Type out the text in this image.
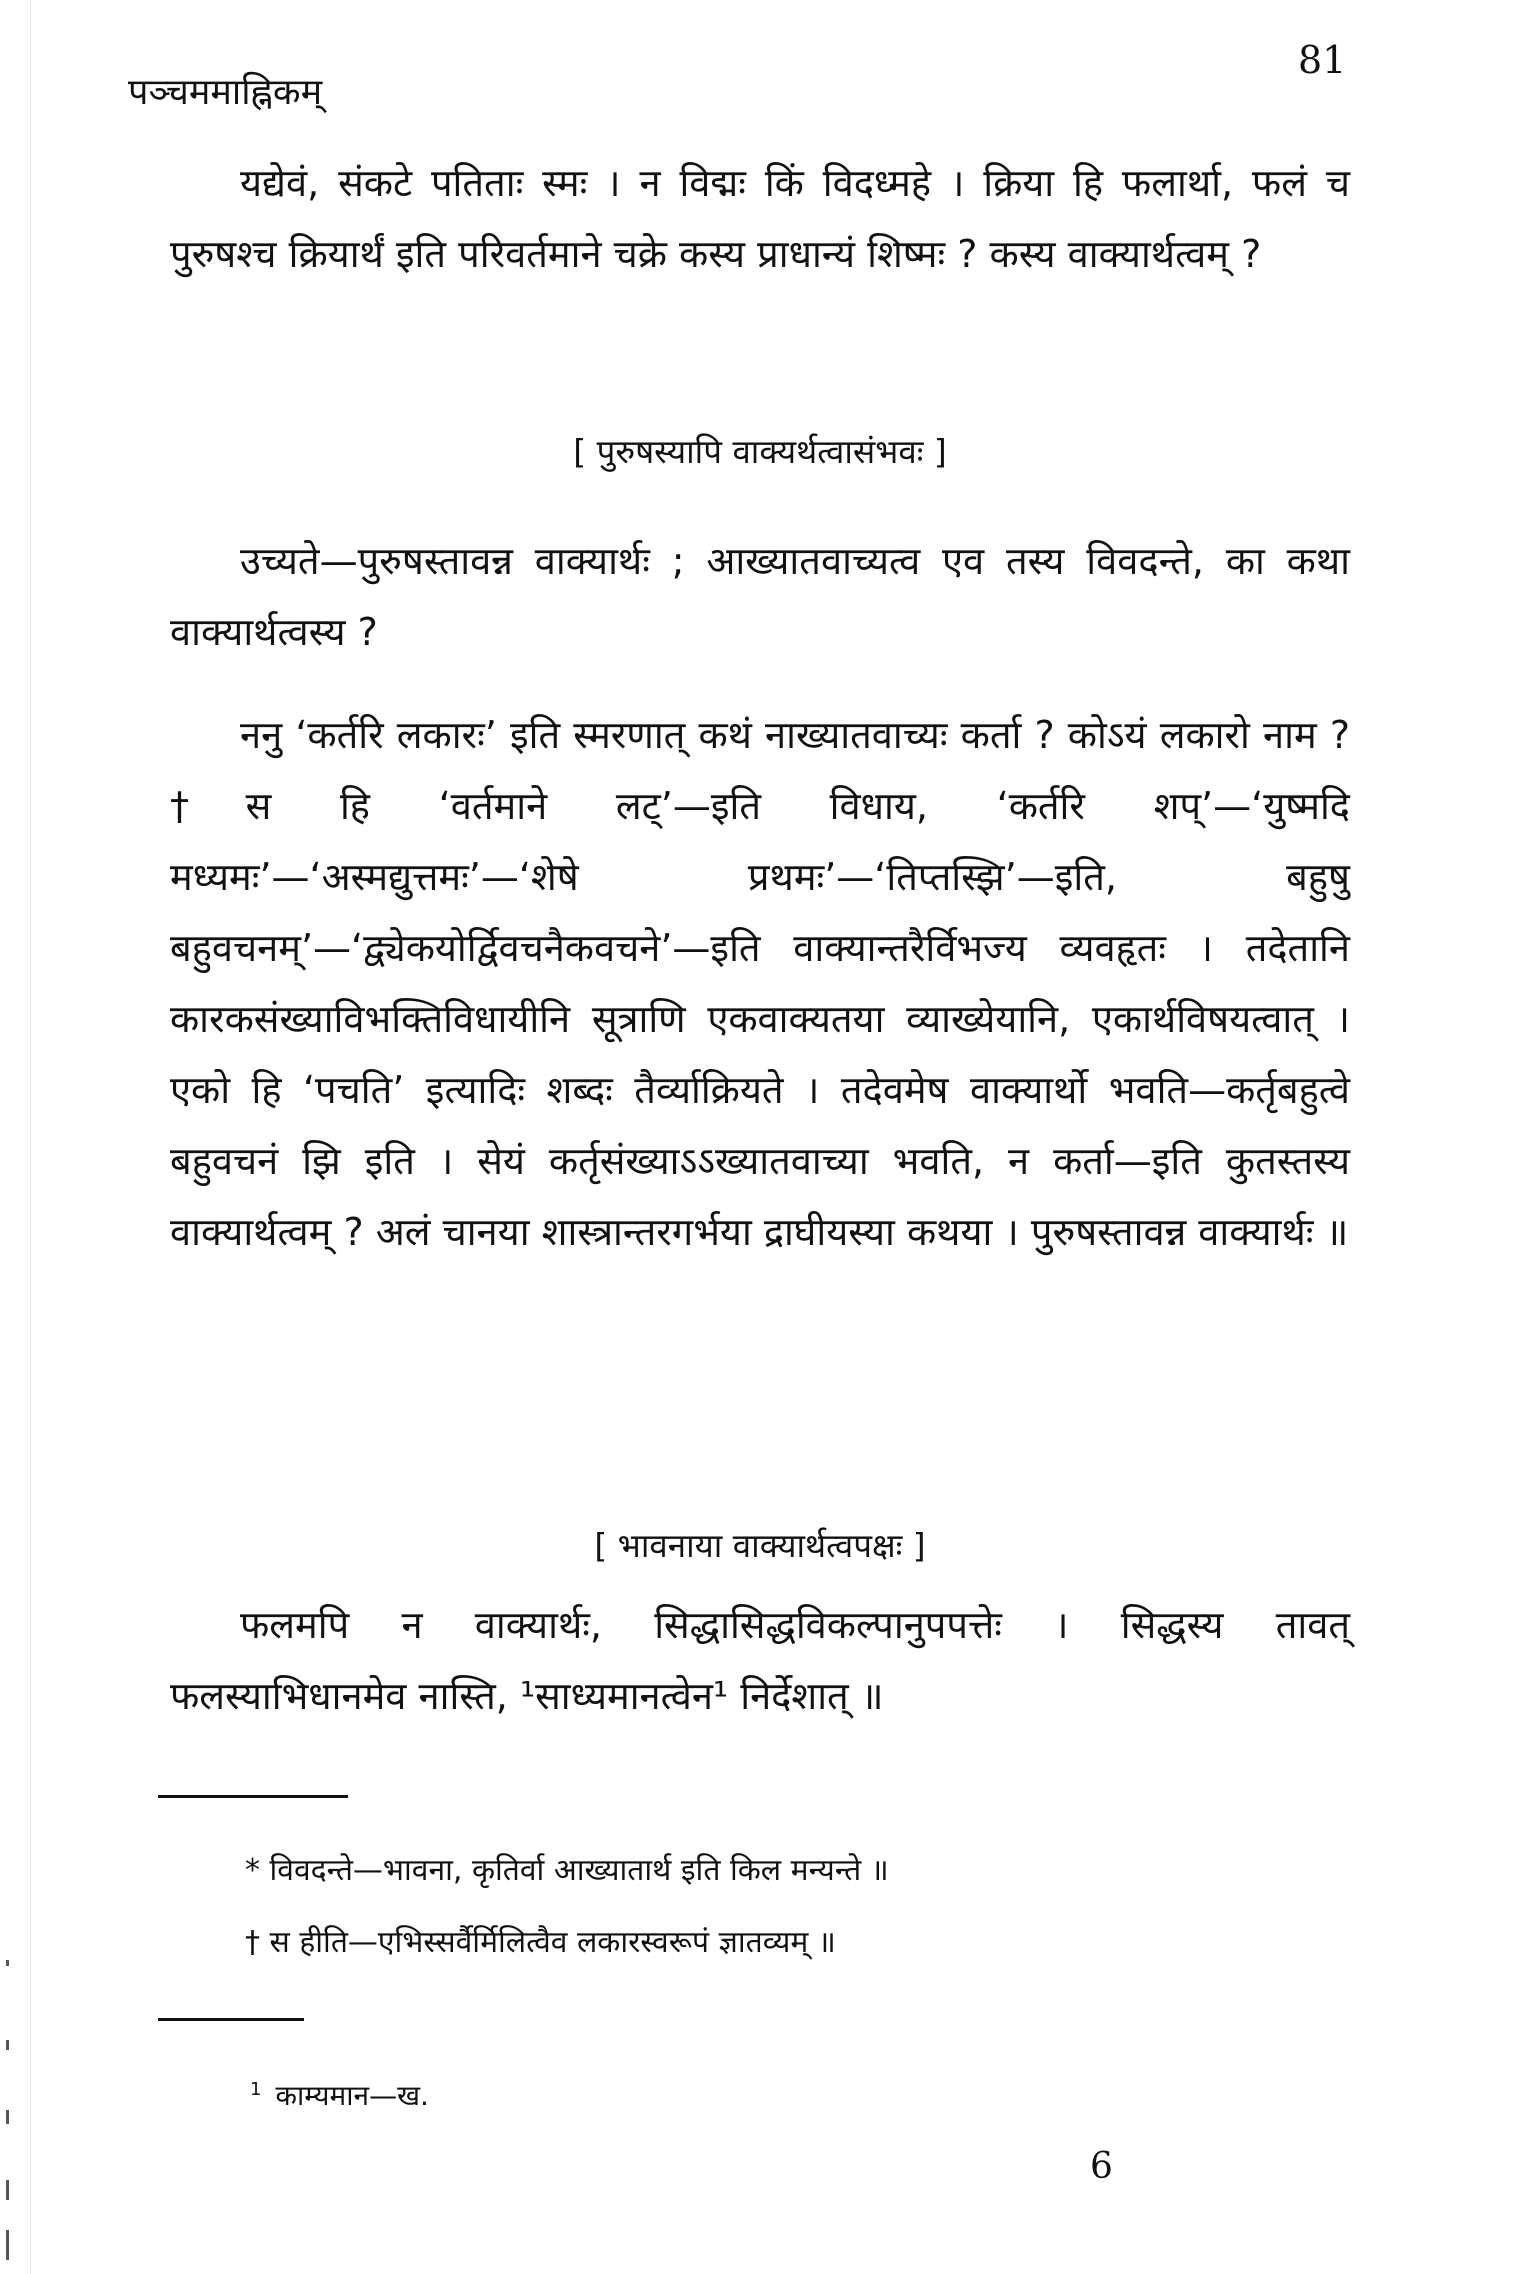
पञ्चममाह्निकम्
81
यद्येवं, संकटे पतिताः स्मः । न विद्मः किं विदध्महे । क्रिया हि फलार्था, फलं च पुरुषश्च क्रियार्थं इति परिवर्तमाने चक्रे कस्य प्राधान्यं शिष्मः ? कस्य वाक्यार्थत्वम् ?
[ पुरुषस्यापि वाक्यर्थत्वासंभवः ]
उच्यते—पुरुषस्तावन्न वाक्यार्थः ; आख्यातवाच्यत्व एव तस्य विवदन्ते, का कथा वाक्यार्थत्वस्य ?
ननु ‘कर्तरि लकारः’ इति स्मरणात् कथं नाख्यातवाच्यः कर्ता ? कोऽयं लकारो नाम ? †स हि ‘वर्तमाने लट्’—इति विधाय, ‘कर्तरि शप्’—‘युष्मदि मध्यमः’—‘अस्मद्युत्तमः’—‘शेषे प्रथमः’—‘तिप्तस्झि’—इति, बहुषु बहुवचनम्’—‘द्व्येकयोर्द्विवचनैकवचने’—इति वाक्यान्तरैर्विभज्य व्यवहृतः । तदेतानि कारकसंख्याविभक्तिविधायीनि सूत्राणि एकवाक्यतया व्याख्येयानि, एकार्थविषयत्वात् । एको हि ‘पचति’ इत्यादिः शब्दः तैर्व्याक्रियते । तदेवमेष वाक्यार्थो भवति—कर्तृबहुत्वे बहुवचनं झि इति । सेयं कर्तृसंख्याऽऽख्यातवाच्या भवति, न कर्ता—इति कुतस्तस्य वाक्यार्थत्वम् ? अलं चानया शास्त्रान्तरगर्भया द्राघीयस्या कथया । पुरुषस्तावन्न वाक्यार्थः ॥
[ भावनाया वाक्यार्थत्वपक्षः ]
फलमपि न वाक्यार्थः, सिद्धासिद्धविकल्पानुपपत्तेः । सिद्धस्य तावत् फलस्याभिधानमेव नास्ति, ¹साध्यमानत्वेन¹ निर्देशात् ॥
* विवदन्ते—भावना, कृतिर्वा आख्यातार्थ इति किल मन्यन्ते ॥
† स हीति—एभिस्सर्वैर्मिलित्वैव लकारस्वरूपं ज्ञातव्यम् ॥
$^1$ काम्यमान—ख.
6
